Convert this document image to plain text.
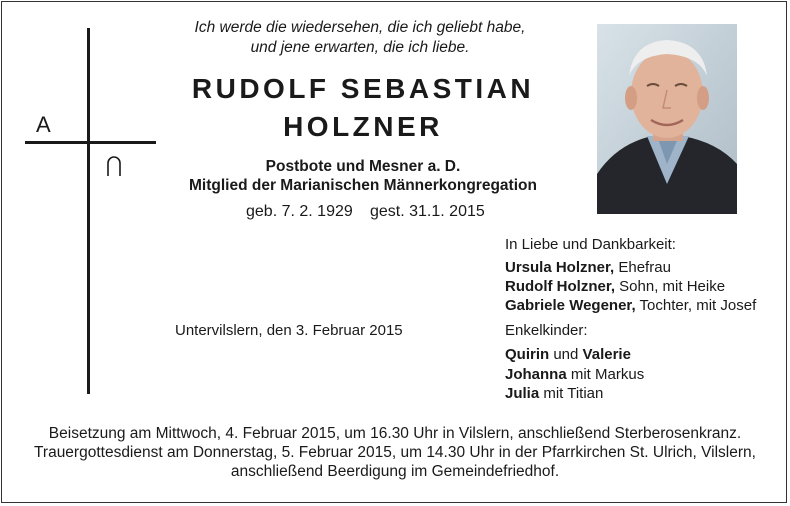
A
Ich werde die wiedersehen, die ich geliebt habe,
und jene erwarten, die ich liebe.
RUDOLF SEBASTIAN
HOLZNER
Postbote und Mesner a. D.
Mitglied der Marianischen Männerkongregation
geb. 7. 2. 1929 gest. 31.1. 2015
In Liebe und Dankbarkeit:
Ursula Holzner, Ehefrau
Rudolf Holzner, Sohn, mit Heike
Gabriele Wegener, Tochter, mit Josef
Untervilslern, den 3. Februar 2015	Enkelkinder:
Quirin und Valerie
Johanna mit Markus
Julia mit Titian
Beisetzung am Mittwoch, 4. Februar 2015, um 16.30 Uhr in Vilslern, anschließend Sterberosenkranz.
Trauergottesdienst am Donnerstag, 5. Februar 2015, um 14.30 Uhr in der Pfarrkirchen St. Ulrich, Vilslern,
anschließend Beerdigung im Gemeindefriedhof.
